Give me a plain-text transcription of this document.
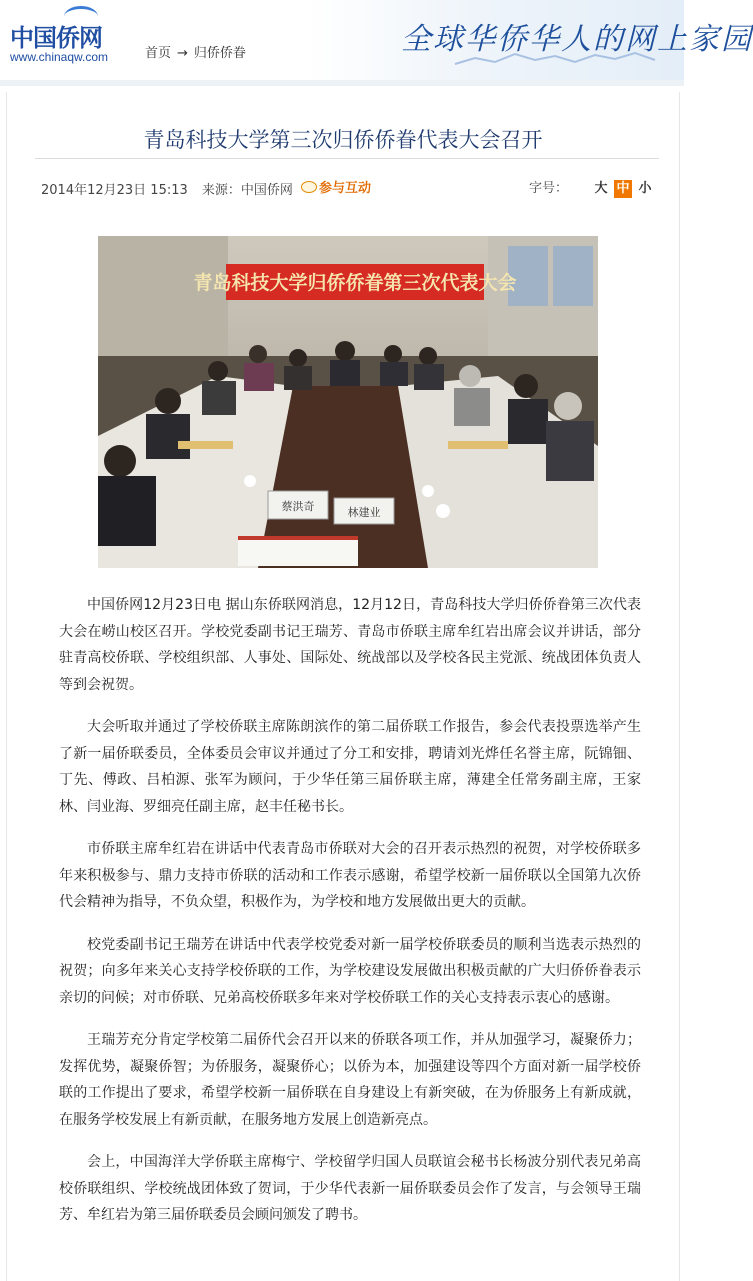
中国侨网
www.chinaqw.com	首页 → 归侨侨眷	全球华侨华人的网上家园
青岛科技大学第三次归侨侨眷代表大会召开
2014年12月23日 15:13 来源：中国侨网	参与互动	字号： 大 中 小
青岛科技大学归侨侨眷第三次代表大会
蔡洪奇	林建业

中国侨网12月23日电 据山东侨联网消息，12月12日，青岛科技大学归侨侨眷第三次代表大会在崂山校区召开。学校党委副书记王瑞芳、青岛市侨联主席牟红岩出席会议并讲话，部分驻青高校侨联、学校组织部、人事处、国际处、统战部以及学校各民主党派、统战团体负责人等到会祝贺。

大会听取并通过了学校侨联主席陈朗滨作的第二届侨联工作报告，参会代表投票选举产生了新一届侨联委员，全体委员会审议并通过了分工和安排，聘请刘光烨任名誉主席，阮锦钿、丁先、傅政、吕柏源、张军为顾问，于少华任第三届侨联主席，薄建全任常务副主席，王家林、闫业海、罗细亮任副主席，赵丰任秘书长。

市侨联主席牟红岩在讲话中代表青岛市侨联对大会的召开表示热烈的祝贺，对学校侨联多年来积极参与、鼎力支持市侨联的活动和工作表示感谢，希望学校新一届侨联以全国第九次侨代会精神为指导，不负众望，积极作为，为学校和地方发展做出更大的贡献。

校党委副书记王瑞芳在讲话中代表学校党委对新一届学校侨联委员的顺利当选表示热烈的祝贺；向多年来关心支持学校侨联的工作，为学校建设发展做出积极贡献的广大归侨侨眷表示亲切的问候；对市侨联、兄弟高校侨联多年来对学校侨联工作的关心支持表示衷心的感谢。

王瑞芳充分肯定学校第二届侨代会召开以来的侨联各项工作，并从加强学习，凝聚侨力；发挥优势，凝聚侨智；为侨服务，凝聚侨心；以侨为本，加强建设等四个方面对新一届学校侨联的工作提出了要求，希望学校新一届侨联在自身建设上有新突破，在为侨服务上有新成就，在服务学校发展上有新贡献，在服务地方发展上创造新亮点。

会上，中国海洋大学侨联主席梅宁、学校留学归国人员联谊会秘书长杨波分别代表兄弟高校侨联组织、学校统战团体致了贺词，于少华代表新一届侨联委员会作了发言，与会领导王瑞芳、牟红岩为第三届侨联委员会顾问颁发了聘书。
